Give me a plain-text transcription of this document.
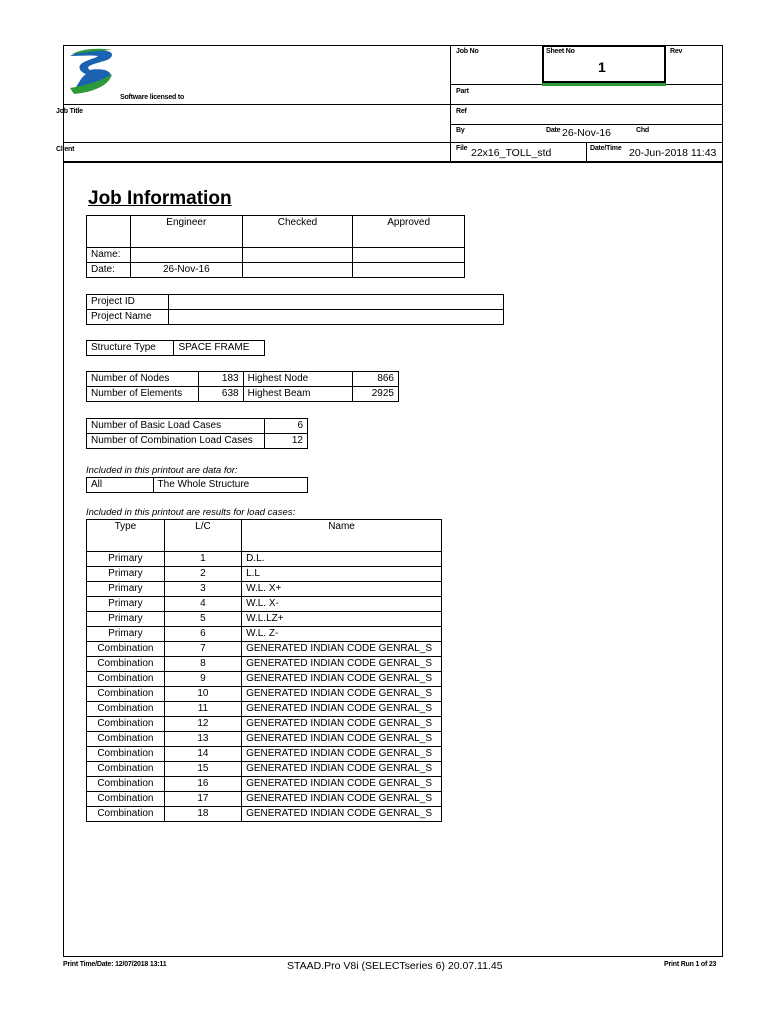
Software licensed to
Job Title
Client
Job No	Sheet No
1
Rev
Part
Ref
By	Date 26-Nov-16	Chd
File 22x16_TOLL_std	Date/Time 20-Jun-2018 11:43
Job Information
	Engineer	Checked	Approved
Name:			
Date:	26-Nov-16		
Project ID	
Project Name	
Structure Type	SPACE FRAME
Number of Nodes	183	Highest Node	866
Number of Elements	638	Highest Beam	2925
Number of Basic Load Cases	6
Number of Combination Load Cases	12
Included in this printout are data for:
All	The Whole Structure
Included in this printout are results for load cases:
Type	L/C	Name
Primary	1	D.L.
Primary	2	L.L
Primary	3	W.L. X+
Primary	4	W.L. X-
Primary	5	W.L.LZ+
Primary	6	W.L. Z-
Combination	7	GENERATED INDIAN CODE GENRAL_S
Combination	8	GENERATED INDIAN CODE GENRAL_S
Combination	9	GENERATED INDIAN CODE GENRAL_S
Combination	10	GENERATED INDIAN CODE GENRAL_S
Combination	11	GENERATED INDIAN CODE GENRAL_S
Combination	12	GENERATED INDIAN CODE GENRAL_S
Combination	13	GENERATED INDIAN CODE GENRAL_S
Combination	14	GENERATED INDIAN CODE GENRAL_S
Combination	15	GENERATED INDIAN CODE GENRAL_S
Combination	16	GENERATED INDIAN CODE GENRAL_S
Combination	17	GENERATED INDIAN CODE GENRAL_S
Combination	18	GENERATED INDIAN CODE GENRAL_S
Print Time/Date: 12/07/2018 13:11	STAAD.Pro V8i (SELECTseries 6) 20.07.11.45	Print Run 1 of 23
